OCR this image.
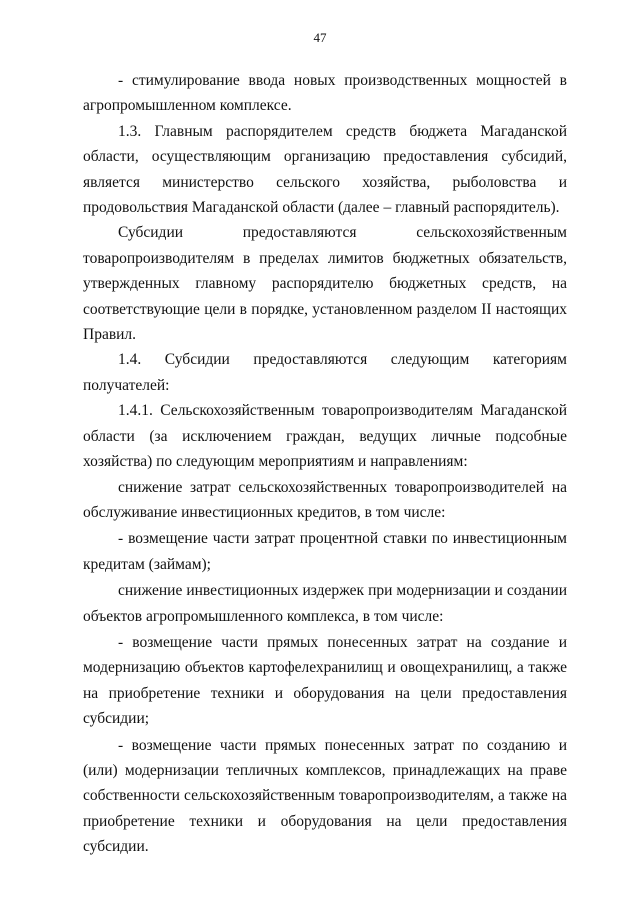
47

- стимулирование ввода новых производственных мощностей в агропромышленном комплексе.

1.3. Главным распорядителем средств бюджета Магаданской области, осуществляющим организацию предоставления субсидий, является министерство сельского хозяйства, рыболовства и продовольствия Магаданской области (далее – главный распорядитель).

Субсидии предоставляются сельскохозяйственным товаропроизводителям в пределах лимитов бюджетных обязательств, утвержденных главному распорядителю бюджетных средств, на соответствующие цели в порядке, установленном разделом II настоящих Правил.

1.4. Субсидии предоставляются следующим категориям получателей:

1.4.1. Сельскохозяйственным товаропроизводителям Магаданской области (за исключением граждан, ведущих личные подсобные хозяйства) по следующим мероприятиям и направлениям:

снижение затрат сельскохозяйственных товаропроизводителей на обслуживание инвестиционных кредитов, в том числе:

- возмещение части затрат процентной ставки по инвестиционным кредитам (займам);

снижение инвестиционных издержек при модернизации и создании объектов агропромышленного комплекса, в том числе:

- возмещение части прямых понесенных затрат на создание и модернизацию объектов картофелехранилищ и овощехранилищ, а также на приобретение техники и оборудования на цели предоставления субсидии;

- возмещение части прямых понесенных затрат по созданию и (или) модернизации тепличных комплексов, принадлежащих на праве собственности сельскохозяйственным товаропроизводителям, а также на приобретение техники и оборудования на цели предоставления субсидии.
